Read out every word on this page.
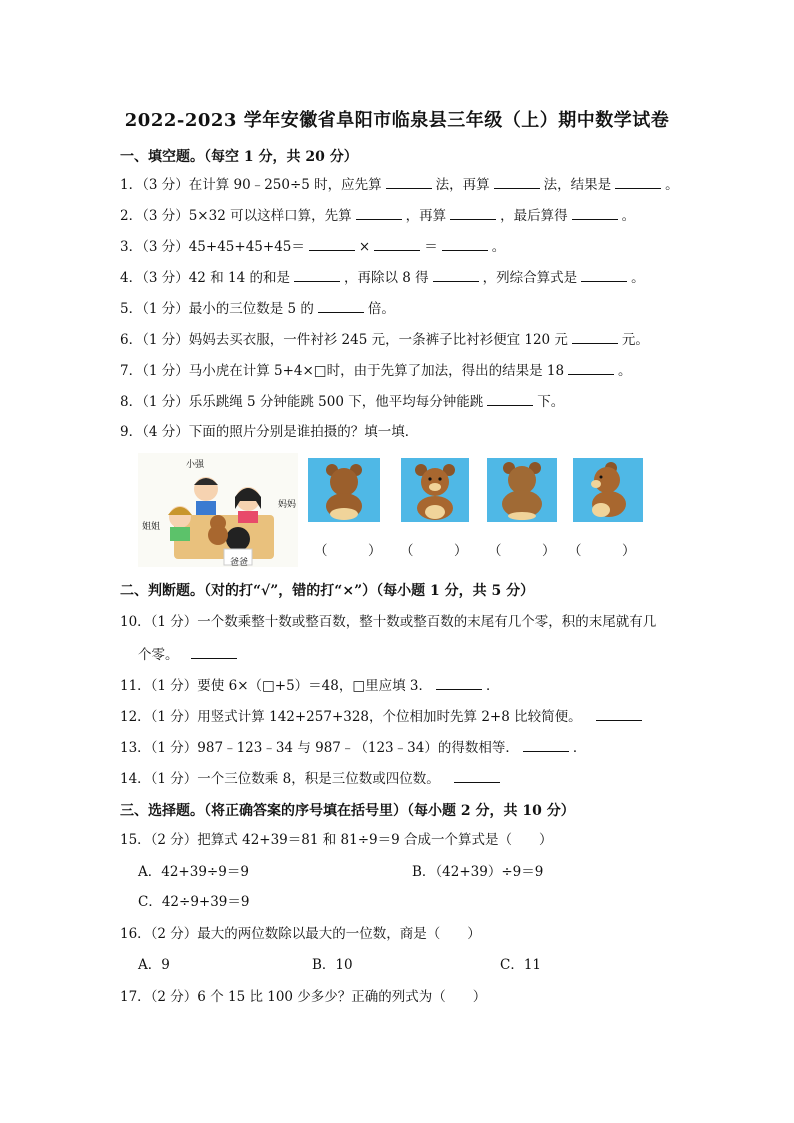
2022-2023 学年安徽省阜阳市临泉县三年级（上）期中数学试卷
一、填空题。（每空 1 分，共 20 分）
1．（3 分）在计算 90﹣250÷5 时，应先算	法，再算	法，结果是	。
2．（3 分）5×32 可以这样口算，先算	，再算	，最后算得	。
3．（3 分）45+45+45+45＝	×	＝	。
4．（3 分）42 和 14 的和是	，再除以 8 得	，列综合算式是	。
5．（1 分）最小的三位数是 5 的	倍。
6．（1 分）妈妈去买衣服，一件衬衫 245 元，一条裤子比衬衫便宜 120 元	元。
7．（1 分）马小虎在计算 5+4×□时，由于先算了加法，得出的结果是 18	。
8．（1 分）乐乐跳绳 5 分钟能跳 500 下，他平均每分钟能跳	下。
9．（4 分）下面的照片分别是谁拍摄的？填一填．
小强
妈妈
姐姐
爸爸
（　　　） （　　　） （　　　） （　　　）
二、判断题。（对的打“√”，错的打“×”）（每小题 1 分，共 5 分）
10．（1 分）一个数乘整十数或整百数，整十数或整百数的末尾有几个零，积的末尾就有几
个零。
11．（1 分）要使 6×（□+5）＝48，□里应填 3．	．
12．（1 分）用竖式计算 142+257+328，个位相加时先算 2+8 比较简便。
13．（1 分）987﹣123﹣34 与 987﹣（123﹣34）的得数相等．	．
14．（1 分）一个三位数乘 8，积是三位数或四位数。
三、选择题。（将正确答案的序号填在括号里）（每小题 2 分，共 10 分）
15．（2 分）把算式 42+39＝81 和 81÷9＝9 合成一个算式是（　　）
A．42+39÷9＝9	B．（42+39）÷9＝9
C．42÷9+39＝9
16．（2 分）最大的两位数除以最大的一位数，商是（　　）
A．9	B．10	C．11
17．（2 分）6 个 15 比 100 少多少？正确的列式为（　　）
